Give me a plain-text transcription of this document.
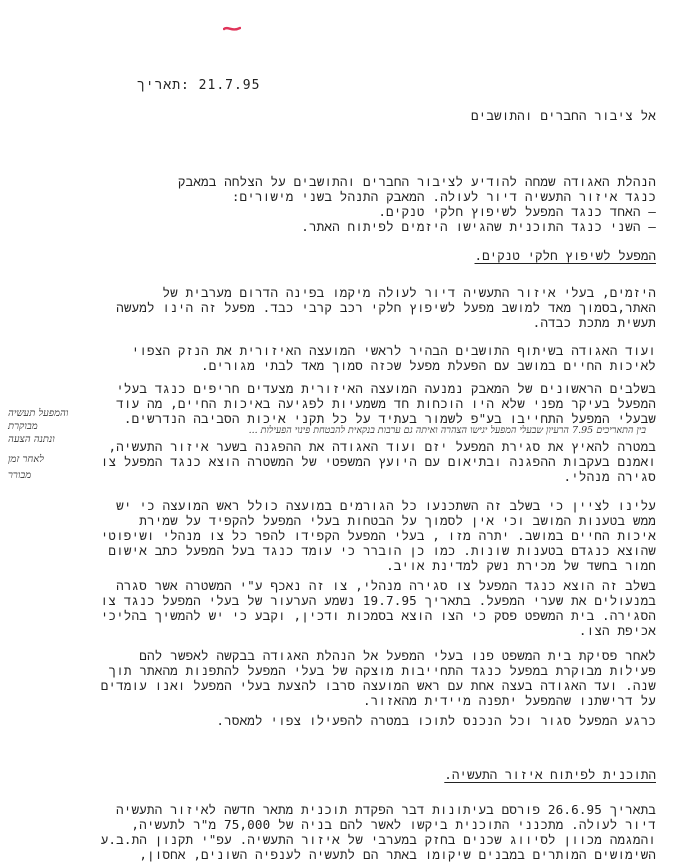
21.7.95 :תאריך
אל ציבור החברים והתושבים
הנהלת האגודה שמחה להודיע לציבור החברים והתושבים על הצלחה במאבק
כנגד איזור התעשיה דיור לעולה. המאבק התנהל בשני מישורים:
– האחד כנגד המפעל לשיפוץ חלקי טנקים.
– השני כנגד התוכנית שהגישו היזמים לפיתוח האתר.
המפעל לשיפוץ חלקי טנקים.
היזמים, בעלי איזור התעשיה דיור לעולה מיקמו בפינה הדרום מערבית של
האתר,בסמוך מאד למושב מפעל לשיפוץ חלקי רכב קרבי כבד. מפעל זה הינו למעשה
תעשית מתכת כבדה.
ועוד האגודה בשיתוף התושבים הבהיר לראשי המועצה האיזורית את הנזק הצפוי
לאיכות החיים במושב עם הפעלת מפעל שכזה סמוך מאד לבתי מגורים.
בשלבים הראשונים של המאבק נמנעה המועצה האיזורית מצעדים חריפים כנגד בעלי
המפעל בעיקר מפני שלא היו הוכחות חד משמעיות לפגיעה באיכות החיים, מה עוד
שבעלי המפעל התחייבו בע"פ לשמור בעתיד על כל תקני איכות הסביבה הנדרשים.
במטרה להאיץ את סגירת המפעל יזם ועוד האגודה את ההפגנה בשער איזור התעשיה,
ואמנם בעקבות ההפגנה ובתיאום עם היועץ המשפטי של המשטרה הוצא כנגד המפעל צו
סגירה מנהלי.
בין התאריכים 7.95 הרעיון שבעלי המפעל יגישו הצהרה ואיתה גם ערבות בנקאית להבטחת פינוי הפעילות ...
והמפעל תעשיה
מבוקרת
ונתנה הצעה
לאחר זמן
מבורר
עלינו לציין כי בשלב זה השתכנעו כל הגורמים במועצה כולל ראש המועצה כי יש
ממש בטענות המושב וכי אין לסמוך על הבטחות בעלי המפעל להקפיד על שמירת
איכות החיים במושב. יתרה מזו , בעלי המפעל הקפידו להפר כל צו מנהלי ושיפוטי
שהוצא כנגדם בטענות שונות. כמו כן הוברר כי עומד כנגד בעל המפעל כתב אישום
חמור בחשד של מכירת נשק למדינת אויב.
בשלב זה הוצא כנגד המפעל צו סגירה מנהלי, צו זה נאכף ע"י המשטרה אשר סגרה
במנעולים את שערי המפעל. בתאריך 19.7.95 נשמע הערעור של בעלי המפעל כנגד צו
הסגירה. בית המשפט פסק כי הצו הוצא בסמכות ודכין, וקבע כי יש להמשיך בהליכי
אכיפת הצו.
לאחר פסיקת בית המשפט פנו בעלי המפעל אל הנהלת האגודה בבקשה לאפשר להם
פעילות מבוקרת במפעל כנגד התחייבות מוצקה של בעלי המפעל להתפנות מהאתר תוך
שנה. ועד האגודה בעצה אחת עם ראש המועצה סרבו להצעת בעלי המפעל ואנו עומדים
על דרישתנו שהמפעל יתפנה מיידית מהאזור.
כרגע המפעל סגור וכל הנכנס לתוכו במטרה להפעילו צפוי למאסר.
התוכנית לפיתוח איזור התעשיה.
בתאריך 26.6.95 פורסם בעיתונות דבר הפקדת תוכנית מתאר חדשה לאיזור התעשיה
דיור לעולה. מתכנני התוכנית ביקשו לאשר להם בניה של 75,000 מ"ר לתעשיה,
והמגמה מכוון לסיווג שכנים בחזק במערבי של איזור התעשיה. עפ"י תקנון הת.ב.ע
השימושים המותרים במבנים שיקומו באתר הם לתעשיה לענפיה השונים, אחסון,
